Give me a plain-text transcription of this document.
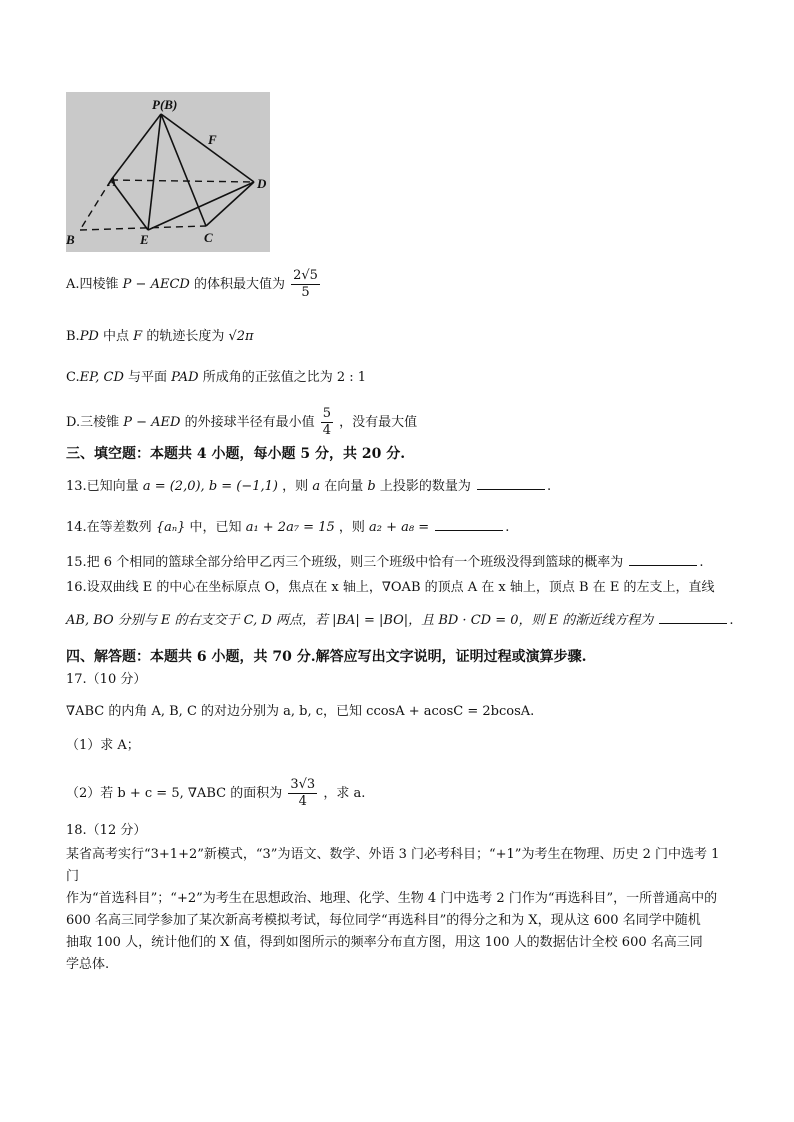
P(B)
F
A	D
B	E	C
A.四棱锥 P − AECD 的体积最大值为 $\frac{2√5}{5}$
B.PD 中点 F 的轨迹长度为 √2π
C.EP, CD 与平面 PAD 所成角的正弦值之比为 2 : 1
D.三棱锥 P − AED 的外接球半径有最小值 $\frac{5}{4}$ ，没有最大值
三、填空题：本题共 4 小题，每小题 5 分，共 20 分.
13.已知向量 a = (2,0), b = (−1,1) ，则 a 在向量 b 上投影的数量为	.
14.在等差数列 {aₙ} 中，已知 a₁ + 2a₇ = 15 ，则 a₂ + a₈ =	.
15.把 6 个相同的篮球全部分给甲乙丙三个班级，则三个班级中恰有一个班级没得到篮球的概率为	.
16.设双曲线 E 的中心在坐标原点 O，焦点在 x 轴上，∇OAB 的顶点 A 在 x 轴上，顶点 B 在 E 的左支上，直线
AB, BO 分别与 E 的右支交于 C, D 两点，若 |BA| = |BO|，且 BD · CD = 0，则 E 的渐近线方程为	.
四、解答题：本题共 6 小题，共 70 分.解答应写出文字说明，证明过程或演算步骤.
17.（10 分）
∇ABC 的内角 A, B, C 的对边分别为 a, b, c，已知 ccosA + acosC = 2bcosA.
（1）求 A；
（2）若 b + c = 5, ∇ABC 的面积为 $\frac{3√3}{4}$ ，求 a.
18.（12 分）
某省高考实行“3+1+2”新模式，“3”为语文、数学、外语 3 门必考科目；“+1”为考生在物理、历史 2 门中选考 1 门
作为“首选科目”；“+2”为考生在思想政治、地理、化学、生物 4 门中选考 2 门作为“再选科目”，一所普通高中的
600 名高三同学参加了某次新高考模拟考试，每位同学“再选科目”的得分之和为 X，现从这 600 名同学中随机
抽取 100 人，统计他们的 X 值，得到如图所示的频率分布直方图，用这 100 人的数据估计全校 600 名高三同
学总体.
